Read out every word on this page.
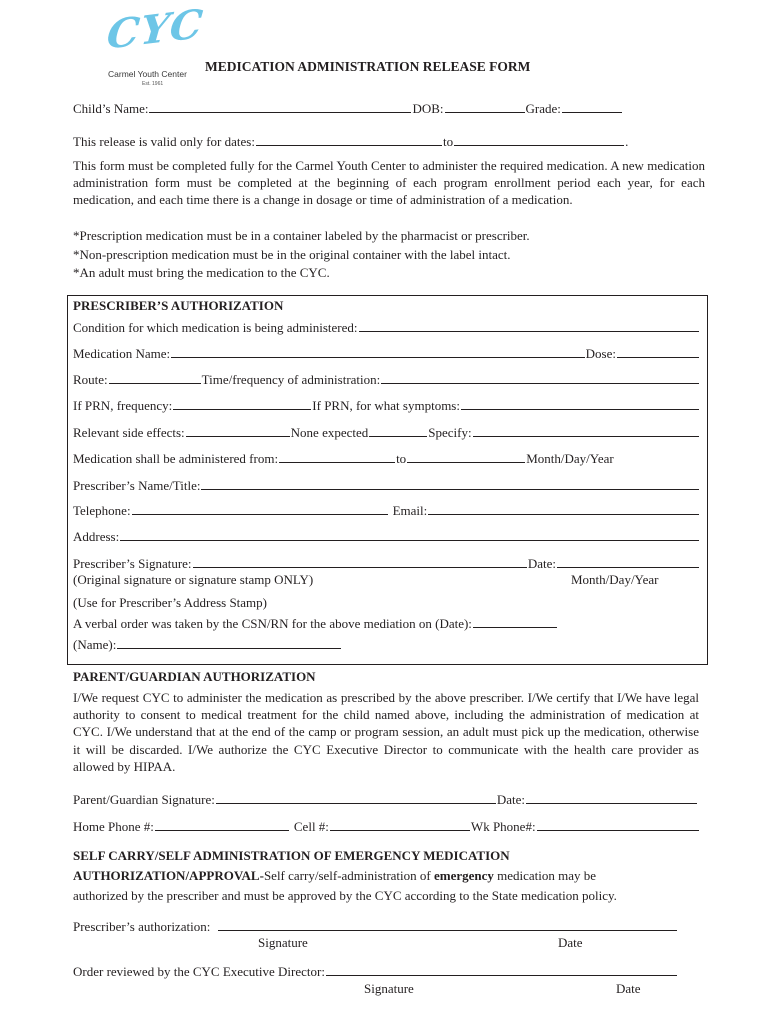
CYC
Carmel Youth Center
Est. 1961
MEDICATION ADMINISTRATION RELEASE FORM
Child’s Name:	DOB:	Grade:
This release is valid only for dates:	to	.

This form must be completed fully for the Carmel Youth Center to administer the required medication. A new medication administration form must be completed at the beginning of each program enrollment period each year, for each medication, and each time there is a change in dosage or time of administration of a medication.

*Prescription medication must be in a container labeled by the pharmacist or prescriber.
*Non-prescription medication must be in the original container with the label intact.
*An adult must bring the medication to the CYC.
PRESCRIBER’S AUTHORIZATION
Condition for which medication is being administered:
Medication Name:	Dose:
Route:	Time/frequency of administration:
If PRN, frequency:	If PRN, for what symptoms:
Relevant side effects:	None expected	Specify:
Medication shall be administered from:	to	Month/Day/Year
Prescriber’s Name/Title:
Telephone:	Email:
Address:
Prescriber’s Signature:	Date:
(Original signature or signature stamp ONLY)	Month/Day/Year
(Use for Prescriber’s Address Stamp)
A verbal order was taken by the CSN/RN for the above mediation on (Date):
(Name):
PARENT/GUARDIAN AUTHORIZATION

I/We request CYC to administer the medication as prescribed by the above prescriber. I/We certify that I/We have legal authority to consent to medical treatment for the child named above, including the administration of medication at CYC. I/We understand that at the end of the camp or program session, an adult must pick up the medication, otherwise it will be discarded. I/We authorize the CYC Executive Director to communicate with the health care provider as allowed by HIPAA.

Parent/Guardian Signature:	Date:
Home Phone #:	Cell #:	Wk Phone#:
SELF CARRY/SELF ADMINISTRATION OF EMERGENCY MEDICATION
AUTHORIZATION/APPROVAL- Self carry/self-administration of emergency medication may be
authorized by the prescriber and must be approved by the CYC according to the State medication policy.
Prescriber’s authorization:
Signature	Date
Order reviewed by the CYC Executive Director:
Signature	Date
